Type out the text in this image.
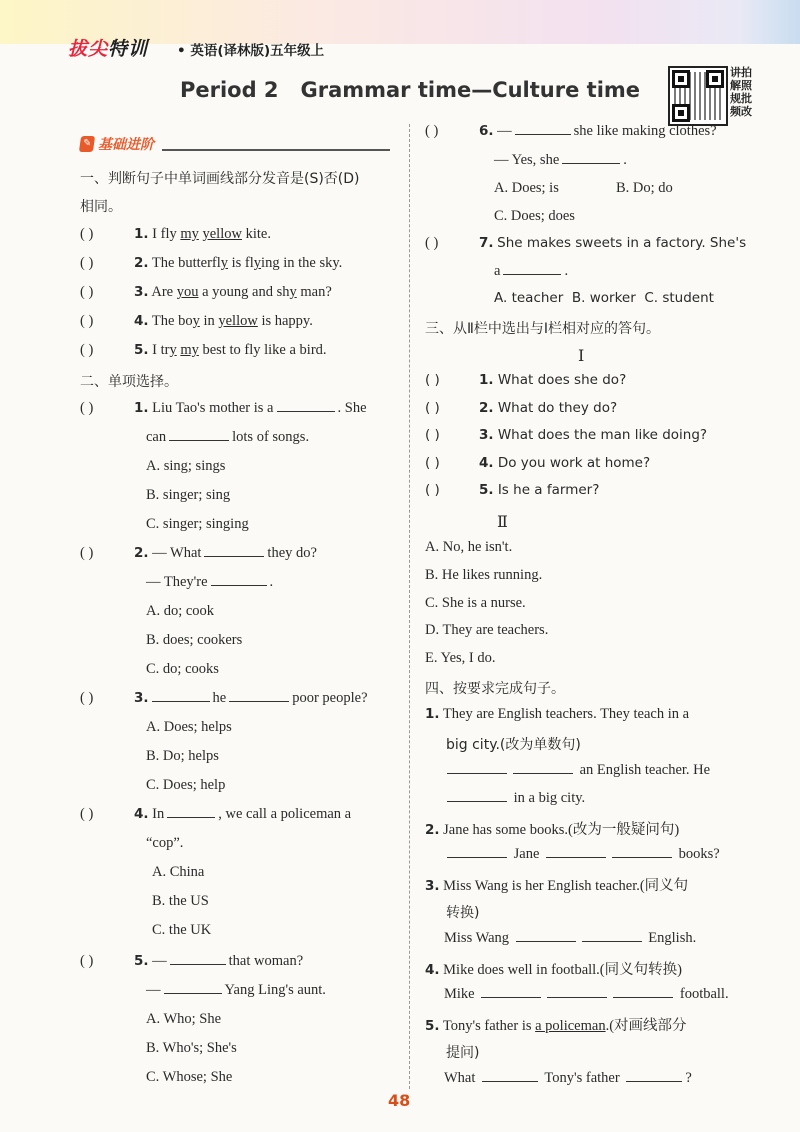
拔尖特训 • 英语(译林版)五年级上
Period 2   Grammar time—Culture time
讲拍解照规批频改
✎ 基础进阶
一、判断句子中单词画线部分发音是(S)否(D)
相同。
( )	1. I fly my yellow kite.
( )	2. The butterfly is flying in the sky.
( )	3. Are you a young and shy man?
( )	4. The boy in yellow is happy.
( )	5. I try my best to fly like a bird.
二、单项选择。
( )	1. Liu Tao's mother is a	. She
can	lots of songs.
A. sing; sings
B. singer; sing
C. singer; singing
( )	2. — What	they do?
— They're	.
A. do; cook
B. does; cookers
C. do; cooks
( )	3.	he	poor people?
A. Does; helps
B. Do; helps
C. Does; help
( )	4. In	, we call a policeman a
“cop”.
A. China
B. the US
C. the UK
( )	5. —	that woman?
—	Yang Ling's aunt.
A. Who; She
B. Who's; She's
C. Whose; She
( )	6. —	she like making clothes?
— Yes, she	.
A. Does; is	B. Do; do
C. Does; does
( )	7. She makes sweets in a factory. She's
a	.
A. teacher  B. worker  C. student
三、从Ⅱ栏中选出与Ⅰ栏相对应的答句。
Ⅰ
( )	1. What does she do?
( )	2. What do they do?
( )	3. What does the man like doing?
( )	4. Do you work at home?
( )	5. Is he a farmer?
Ⅱ
A. No, he isn't.
B. He likes running.
C. She is a nurse.
D. They are teachers.
E. Yes, I do.
四、按要求完成句子。
1. They are English teachers. They teach in a
big city.(改为单数句)
an English teacher. He
in a big city.
2. Jane has some books.(改为一般疑问句)
Jane	books?
3. Miss Wang is her English teacher.(同义句
转换)
Miss Wang	English.
4. Mike does well in football.(同义句转换)
Mike	football.
5. Tony's father is a policeman.(对画线部分
提问)
What	Tony's father	?
48
